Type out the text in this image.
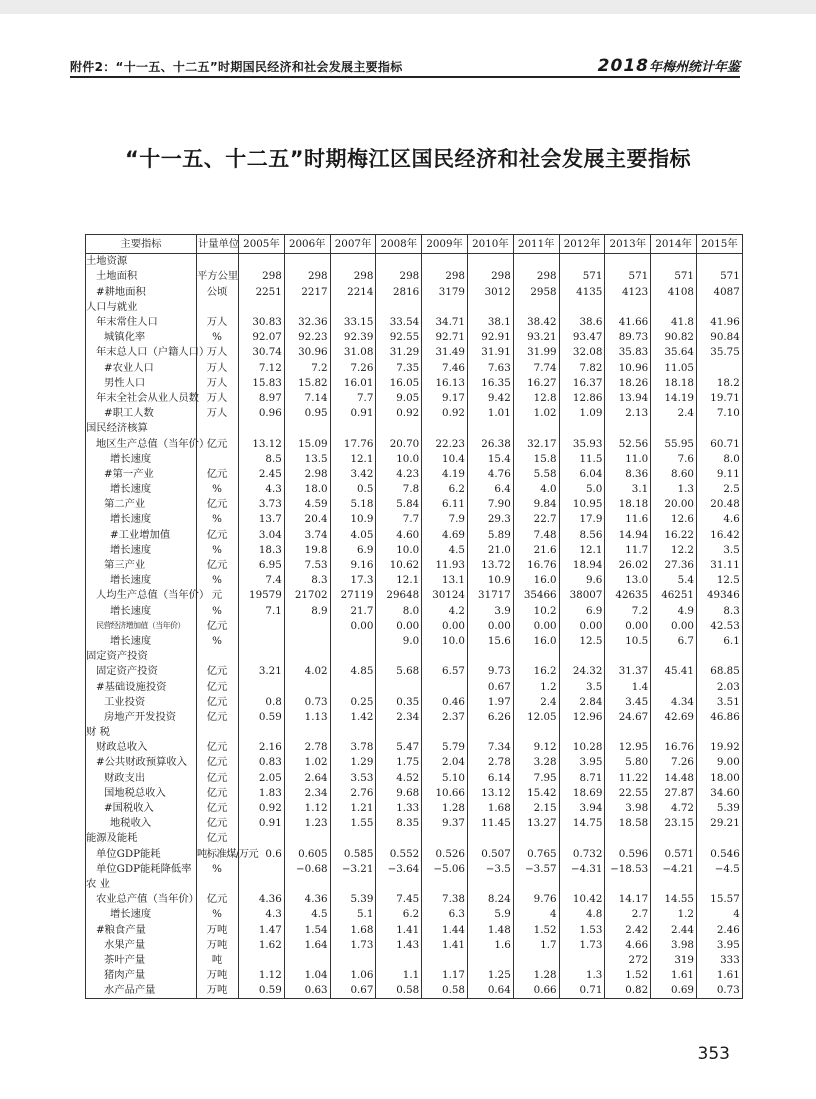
附件2：“十一五、十二五”时期国民经济和社会发展主要指标	2018年梅州统计年鉴
“十一五、十二五”时期梅江区国民经济和社会发展主要指标
主要指标	计量单位	2005年	2006年	2007年	2008年	2009年	2010年	2011年	2012年	2013年	2014年	2015年
土地资源												
土地面积	平方公里	298	298	298	298	298	298	298	571	571	571	571
#耕地面积	公顷	2251	2217	2214	2816	3179	3012	2958	4135	4123	4108	4087
人口与就业												
年末常住人口	万人	30.83	32.36	33.15	33.54	34.71	38.1	38.42	38.6	41.66	41.8	41.96
城镇化率	%	92.07	92.23	92.39	92.55	92.71	92.91	93.21	93.47	89.73	90.82	90.84
年末总人口（户籍人口）	万人	30.74	30.96	31.08	31.29	31.49	31.91	31.99	32.08	35.83	35.64	35.75
#农业人口	万人	7.12	7.2	7.26	7.35	7.46	7.63	7.74	7.82	10.96	11.05	
男性人口	万人	15.83	15.82	16.01	16.05	16.13	16.35	16.27	16.37	18.26	18.18	18.2
年末全社会从业人员数	万人	8.97	7.14	7.7	9.05	9.17	9.42	12.8	12.86	13.94	14.19	19.71
#职工人数	万人	0.96	0.95	0.91	0.92	0.92	1.01	1.02	1.09	2.13	2.4	7.10
国民经济核算												
地区生产总值（当年价）	亿元	13.12	15.09	17.76	20.70	22.23	26.38	32.17	35.93	52.56	55.95	60.71
增长速度		8.5	13.5	12.1	10.0	10.4	15.4	15.8	11.5	11.0	7.6	8.0
#第一产业	亿元	2.45	2.98	3.42	4.23	4.19	4.76	5.58	6.04	8.36	8.60	9.11
增长速度	%	4.3	18.0	0.5	7.8	6.2	6.4	4.0	5.0	3.1	1.3	2.5
第二产业	亿元	3.73	4.59	5.18	5.84	6.11	7.90	9.84	10.95	18.18	20.00	20.48
增长速度	%	13.7	20.4	10.9	7.7	7.9	29.3	22.7	17.9	11.6	12.6	4.6
#工业增加值	亿元	3.04	3.74	4.05	4.60	4.69	5.89	7.48	8.56	14.94	16.22	16.42
增长速度	%	18.3	19.8	6.9	10.0	4.5	21.0	21.6	12.1	11.7	12.2	3.5
第三产业	亿元	6.95	7.53	9.16	10.62	11.93	13.72	16.76	18.94	26.02	27.36	31.11
增长速度	%	7.4	8.3	17.3	12.1	13.1	10.9	16.0	9.6	13.0	5.4	12.5
人均生产总值（当年价）	元	19579	21702	27119	29648	30124	31717	35466	38007	42635	46251	49346
增长速度	%	7.1	8.9	21.7	8.0	4.2	3.9	10.2	6.9	7.2	4.9	8.3
民营经济增加值（当年价）	亿元			0.00	0.00	0.00	0.00	0.00	0.00	0.00	0.00	42.53
增长速度	%				9.0	10.0	15.6	16.0	12.5	10.5	6.7	6.1
固定资产投资												
固定资产投资	亿元	3.21	4.02	4.85	5.68	6.57	9.73	16.2	24.32	31.37	45.41	68.85
#基础设施投资	亿元						0.67	1.2	3.5	1.4		2.03
工业投资	亿元	0.8	0.73	0.25	0.35	0.46	1.97	2.4	2.84	3.45	4.34	3.51
房地产开发投资	亿元	0.59	1.13	1.42	2.34	2.37	6.26	12.05	12.96	24.67	42.69	46.86
财 税												
财政总收入	亿元	2.16	2.78	3.78	5.47	5.79	7.34	9.12	10.28	12.95	16.76	19.92
#公共财政预算收入	亿元	0.83	1.02	1.29	1.75	2.04	2.78	3.28	3.95	5.80	7.26	9.00
财政支出	亿元	2.05	2.64	3.53	4.52	5.10	6.14	7.95	8.71	11.22	14.48	18.00
国地税总收入	亿元	1.83	2.34	2.76	9.68	10.66	13.12	15.42	18.69	22.55	27.87	34.60
#国税收入	亿元	0.92	1.12	1.21	1.33	1.28	1.68	2.15	3.94	3.98	4.72	5.39
地税收入	亿元	0.91	1.23	1.55	8.35	9.37	11.45	13.27	14.75	18.58	23.15	29.21
能源及能耗	亿元											
单位GDP能耗	吨标准煤/万元	0.6	0.605	0.585	0.552	0.526	0.507	0.765	0.732	0.596	0.571	0.546
单位GDP能耗降低率	%		−0.68	−3.21	−3.64	−5.06	−3.5	−3.57	−4.31	−18.53	−4.21	−4.5
农 业												
农业总产值（当年价）	亿元	4.36	4.36	5.39	7.45	7.38	8.24	9.76	10.42	14.17	14.55	15.57
增长速度	%	4.3	4.5	5.1	6.2	6.3	5.9	4	4.8	2.7	1.2	4
#粮食产量	万吨	1.47	1.54	1.68	1.41	1.44	1.48	1.52	1.53	2.42	2.44	2.46
水果产量	万吨	1.62	1.64	1.73	1.43	1.41	1.6	1.7	1.73	4.66	3.98	3.95
茶叶产量	吨									272	319	333
猪肉产量	万吨	1.12	1.04	1.06	1.1	1.17	1.25	1.28	1.3	1.52	1.61	1.61
水产品产量	万吨	0.59	0.63	0.67	0.58	0.58	0.64	0.66	0.71	0.82	0.69	0.73
353
